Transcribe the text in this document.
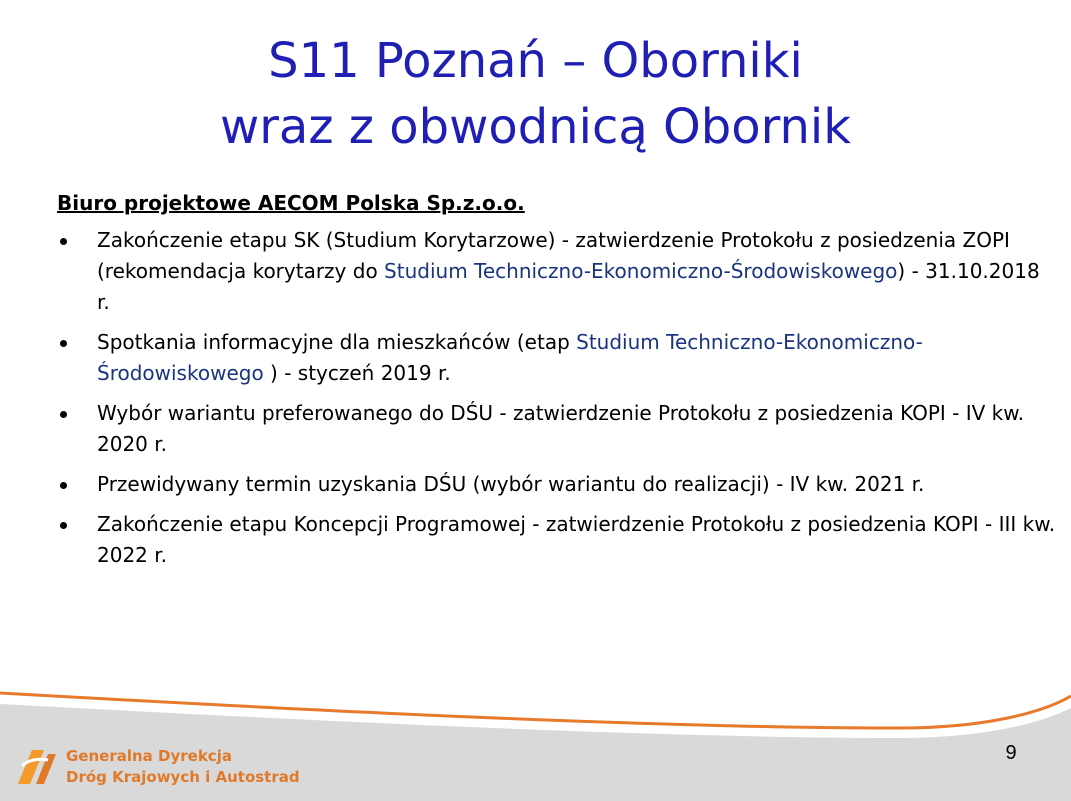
S11 Poznań – Oborniki
wraz z obwodnicą Obornik
Biuro projektowe AECOM Polska Sp.z.o.o.
Zakończenie etapu SK (Studium Korytarzowe) - zatwierdzenie Protokołu z posiedzenia ZOPI (rekomendacja korytarzy do Studium Techniczno-Ekonomiczno-Środowiskowego) - 31.10.2018 r.
Spotkania informacyjne dla mieszkańców (etap Studium Techniczno-Ekonomiczno-Środowiskowego ) - styczeń 2019 r.
Wybór wariantu preferowanego do DŚU - zatwierdzenie Protokołu z posiedzenia KOPI - IV kw. 2020 r.
Przewidywany termin uzyskania DŚU (wybór wariantu do realizacji) - IV kw. 2021 r.
Zakończenie etapu Koncepcji Programowej - zatwierdzenie Protokołu z posiedzenia KOPI - III kw. 2022 r.
Generalna Dyrekcja
Dróg Krajowych i Autostrad
9
